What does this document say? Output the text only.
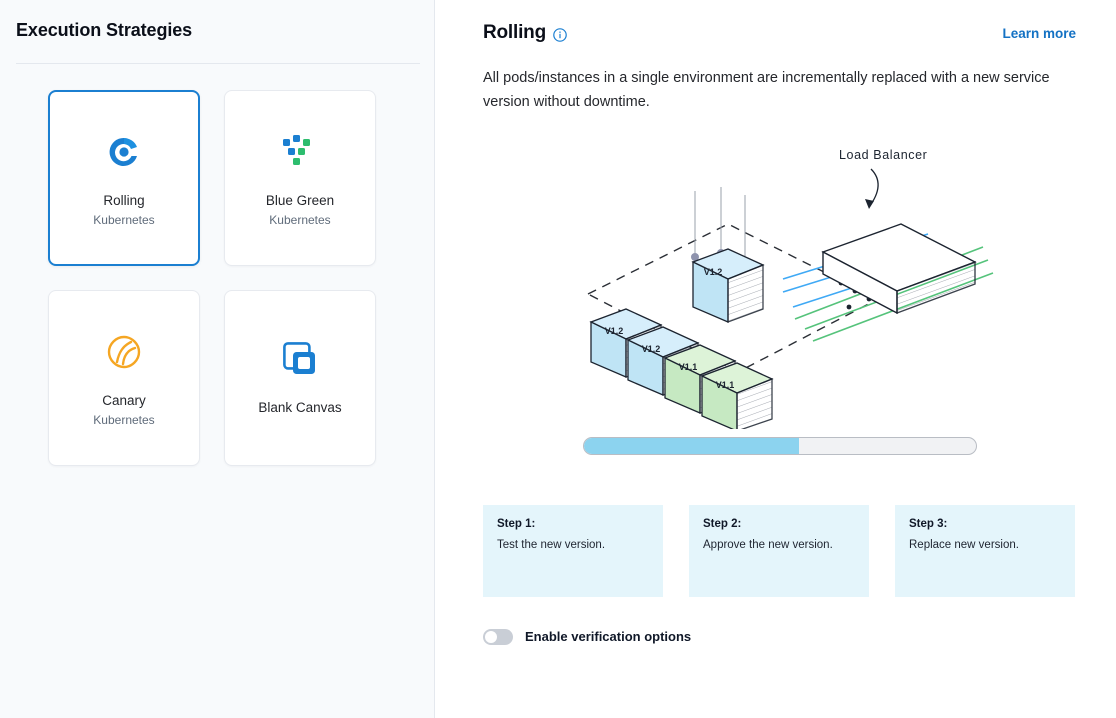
Execution Strategies
Rolling
Kubernetes
Blue Green
Kubernetes
Canary
Kubernetes
Blank Canvas
Rolling	Learn more

All pods/instances in a single environment are incrementally replaced with a new service version without downtime.

V1.2
V1.2
V1.2
V1.1
V1.1
Load Balancer
Step 1:
Test the new version.
Step 2:
Approve the new version.
Step 3:
Replace new version.
Enable verification options
